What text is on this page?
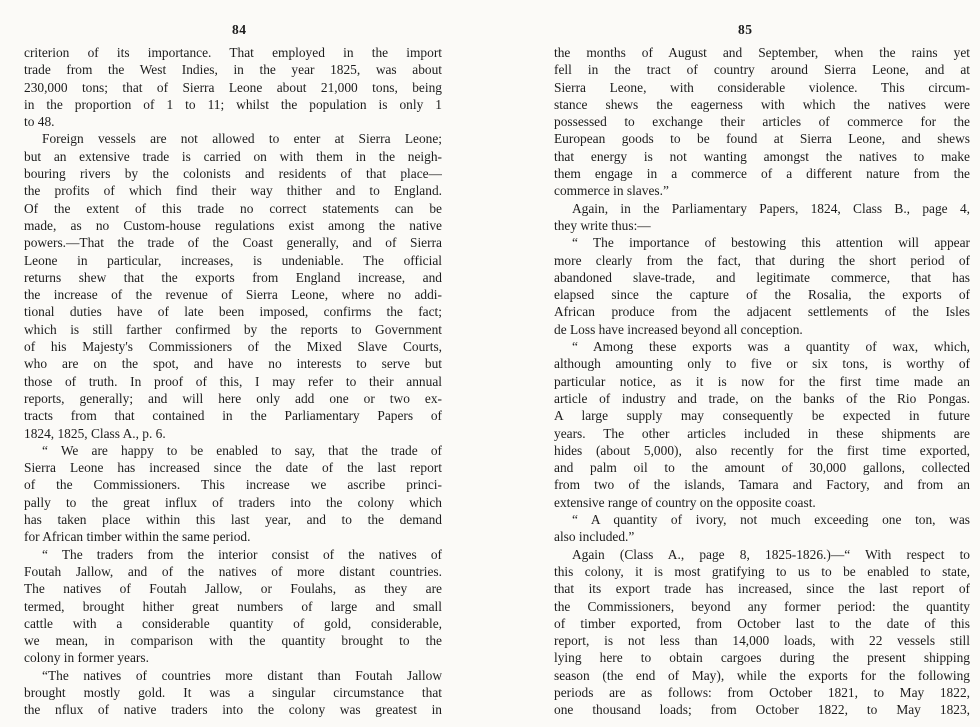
84
criterion of its importance. That employed in the import
trade from the West Indies, in the year 1825, was about
230,000 tons; that of Sierra Leone about 21,000 tons, being
in the proportion of 1 to 11; whilst the population is only 1
to 48.
Foreign vessels are not allowed to enter at Sierra Leone;
but an extensive trade is carried on with them in the neigh-
bouring rivers by the colonists and residents of that place—
the profits of which find their way thither and to England.
Of the extent of this trade no correct statements can be
made, as no Custom-house regulations exist among the native
powers.—That the trade of the Coast generally, and of Sierra
Leone in particular, increases, is undeniable. The official
returns shew that the exports from England increase, and
the increase of the revenue of Sierra Leone, where no addi-
tional duties have of late been imposed, confirms the fact;
which is still farther confirmed by the reports to Government
of his Majesty's Commissioners of the Mixed Slave Courts,
who are on the spot, and have no interests to serve but
those of truth. In proof of this, I may refer to their annual
reports, generally; and will here only add one or two ex-
tracts from that contained in the Parliamentary Papers of
1824, 1825, Class A., p. 6.
“ We are happy to be enabled to say, that the trade of
Sierra Leone has increased since the date of the last report
of the Commissioners. This increase we ascribe princi-
pally to the great influx of traders into the colony which
has taken place within this last year, and to the demand
for African timber within the same period.
“ The traders from the interior consist of the natives of
Foutah Jallow, and of the natives of more distant countries.
The natives of Foutah Jallow, or Foulahs, as they are
termed, brought hither great numbers of large and small
cattle with a considerable quantity of gold, considerable,
we mean, in comparison with the quantity brought to the
colony in former years.
“The natives of countries more distant than Foutah Jallow
brought mostly gold. It was a singular circumstance that
the nflux of native traders into the colony was greatest in
85
the months of August and September, when the rains yet
fell in the tract of country around Sierra Leone, and at
Sierra Leone, with considerable violence. This circum-
stance shews the eagerness with which the natives were
possessed to exchange their articles of commerce for the
European goods to be found at Sierra Leone, and shews
that energy is not wanting amongst the natives to make
them engage in a commerce of a different nature from the
commerce in slaves.”
Again, in the Parliamentary Papers, 1824, Class B., page 4,
they write thus:—
“ The importance of bestowing this attention will appear
more clearly from the fact, that during the short period of
abandoned slave-trade, and legitimate commerce, that has
elapsed since the capture of the Rosalia, the exports of
African produce from the adjacent settlements of the Isles
de Loss have increased beyond all conception.
“ Among these exports was a quantity of wax, which,
although amounting only to five or six tons, is worthy of
particular notice, as it is now for the first time made an
article of industry and trade, on the banks of the Rio Pongas.
A large supply may consequently be expected in future
years. The other articles included in these shipments are
hides (about 5,000), also recently for the first time exported,
and palm oil to the amount of 30,000 gallons, collected
from two of the islands, Tamara and Factory, and from an
extensive range of country on the opposite coast.
“ A quantity of ivory, not much exceeding one ton, was
also included.”
Again (Class A., page 8, 1825-1826.)—“ With respect to
this colony, it is most gratifying to us to be enabled to state,
that its export trade has increased, since the last report of
the Commissioners, beyond any former period: the quantity
of timber exported, from October last to the date of this
report, is not less than 14,000 loads, with 22 vessels still
lying here to obtain cargoes during the present shipping
season (the end of May), while the exports for the following
periods are as follows: from October 1821, to May 1822,
one thousand loads; from October 1822, to May 1823,
